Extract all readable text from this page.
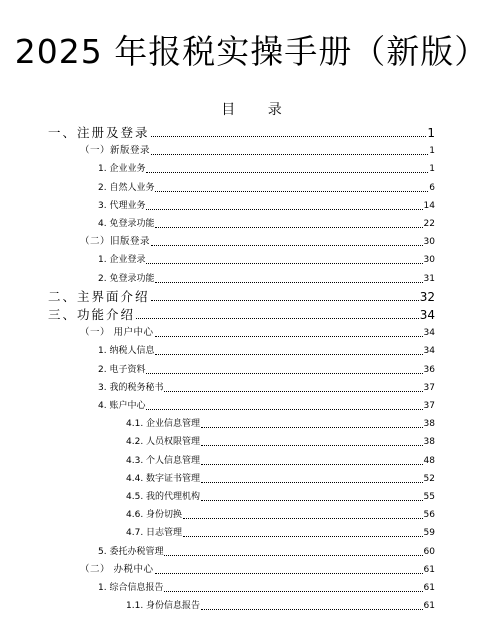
2025 年报税实操手册（新版）
目 录
一、注册及登录	1
（一）新版登录	1
1. 企业业务	1
2. 自然人业务	6
3. 代理业务	14
4. 免登录功能	22
（二）旧版登录	30
1. 企业登录	30
2. 免登录功能	31
二、主界面介绍	32
三、功能介绍	34
（一） 用户中心	34
1. 纳税人信息	34
2. 电子资料	36
3. 我的税务秘书	37
4. 账户中心	37
4.1. 企业信息管理	38
4.2. 人员权限管理	38
4.3. 个人信息管理	48
4.4. 数字证书管理	52
4.5. 我的代理机构	55
4.6. 身份切换	56
4.7. 日志管理	59
5. 委托办税管理	60
（二） 办税中心	61
1. 综合信息报告	61
1.1. 身份信息报告	61
